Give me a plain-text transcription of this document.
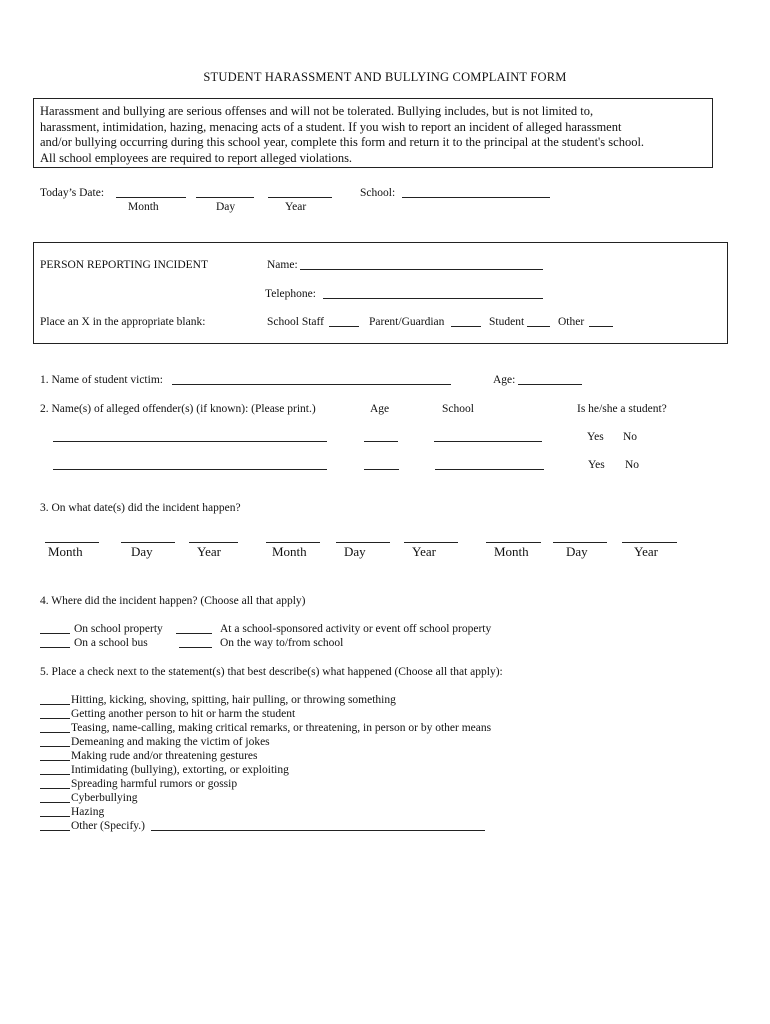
STUDENT HARASSMENT AND BULLYING COMPLAINT FORM
Harassment and bullying are serious offenses and will not be tolerated. Bullying includes, but is not limited to,
harassment, intimidation, hazing, menacing acts of a student. If you wish to report an incident of alleged harassment
and/or bullying occurring during this school year, complete this form and return it to the principal at the student's school.
All school employees are required to report alleged violations.
Today’s Date:
Month	Day	Year
School:
PERSON REPORTING INCIDENT	Name:
Telephone:
Place an X in the appropriate blank:	School Staff	Parent/Guardian	Student	Other
1. Name of student victim:	Age:
2. Name(s) of alleged offender(s) (if known): (Please print.)	Age	School	Is he/she a student?
Yes No
Yes No
3. On what date(s) did the incident happen?
Month	Day	Year	Month	Day	Year	Month	Day	Year
4. Where did the incident happen? (Choose all that apply)
On school property	At a school-sponsored activity or event off school property
On a school bus	On the way to/from school
5. Place a check next to the statement(s) that best describe(s) what happened (Choose all that apply):
Hitting, kicking, shoving, spitting, hair pulling, or throwing something
Getting another person to hit or harm the student
Teasing, name-calling, making critical remarks, or threatening, in person or by other means
Demeaning and making the victim of jokes
Making rude and/or threatening gestures
Intimidating (bullying), extorting, or exploiting
Spreading harmful rumors or gossip
Cyberbullying
Hazing
Other (Specify.)
